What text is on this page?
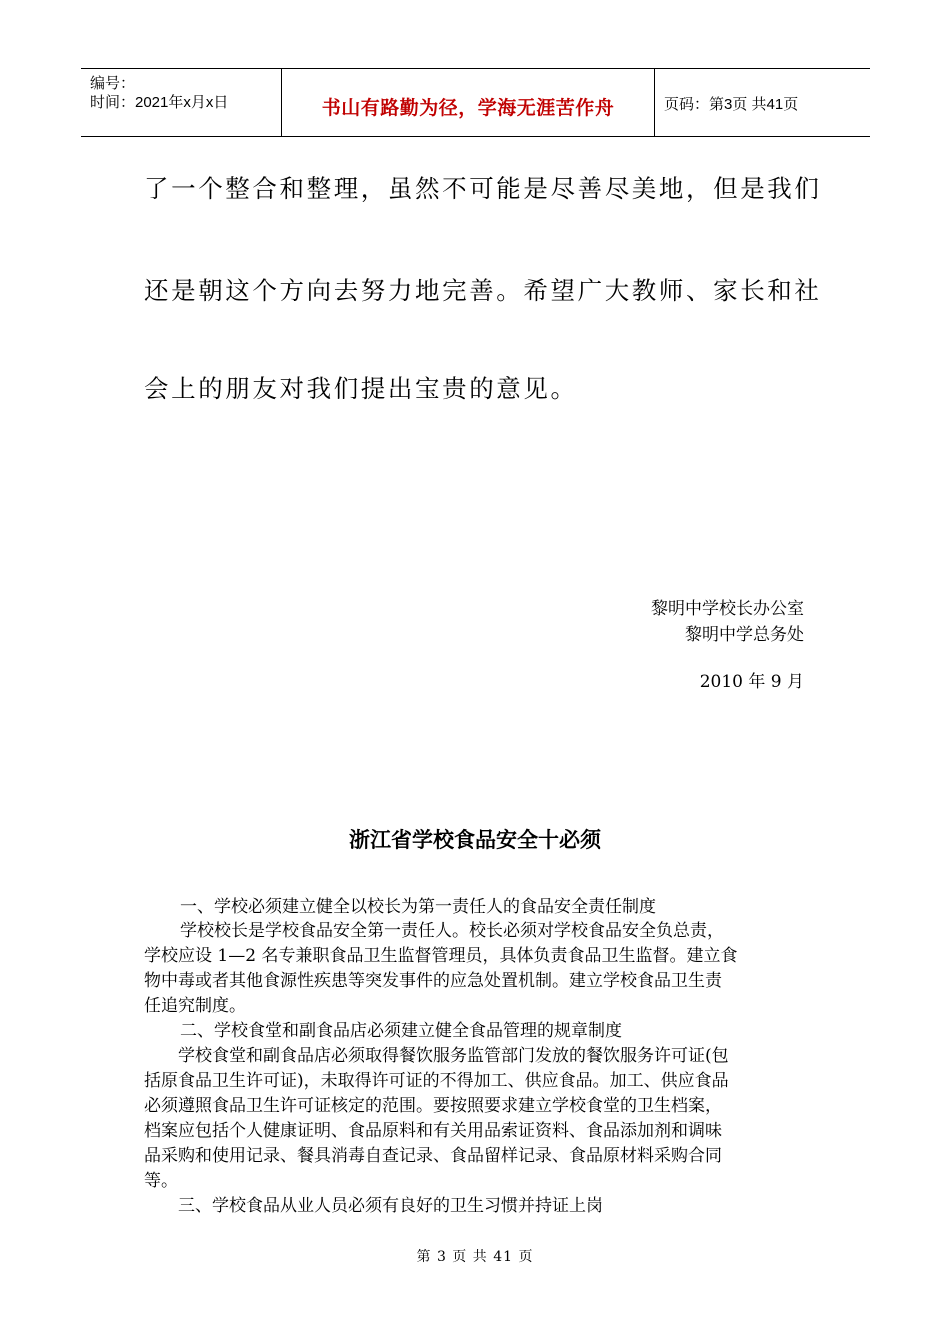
编号：
时间：2021年x月x日	书山有路勤为径，学海无涯苦作舟	页码：第3页 共41页
了一个整合和整理，虽然不可能是尽善尽美地，但是我们
还是朝这个方向去努力地完善。希望广大教师、家长和社
会上的朋友对我们提出宝贵的意见。
黎明中学校长办公室
黎明中学总务处
2010 年 9 月
浙江省学校食品安全十必须
一、学校必须建立健全以校长为第一责任人的食品安全责任制度
学校校长是学校食品安全第一责任人。校长必须对学校食品安全负总责，
学校应设 1—2 名专兼职食品卫生监督管理员，具体负责食品卫生监督。建立食
物中毒或者其他食源性疾患等突发事件的应急处置机制。建立学校食品卫生责
任追究制度。
二、学校食堂和副食品店必须建立健全食品管理的规章制度
学校食堂和副食品店必须取得餐饮服务监管部门发放的餐饮服务许可证(包
括原食品卫生许可证)，未取得许可证的不得加工、供应食品。加工、供应食品
必须遵照食品卫生许可证核定的范围。要按照要求建立学校食堂的卫生档案，
档案应包括个人健康证明、食品原料和有关用品索证资料、食品添加剂和调味
品采购和使用记录、餐具消毒自查记录、食品留样记录、食品原材料采购合同
等。
三、学校食品从业人员必须有良好的卫生习惯并持证上岗
第 3 页 共 41 页
